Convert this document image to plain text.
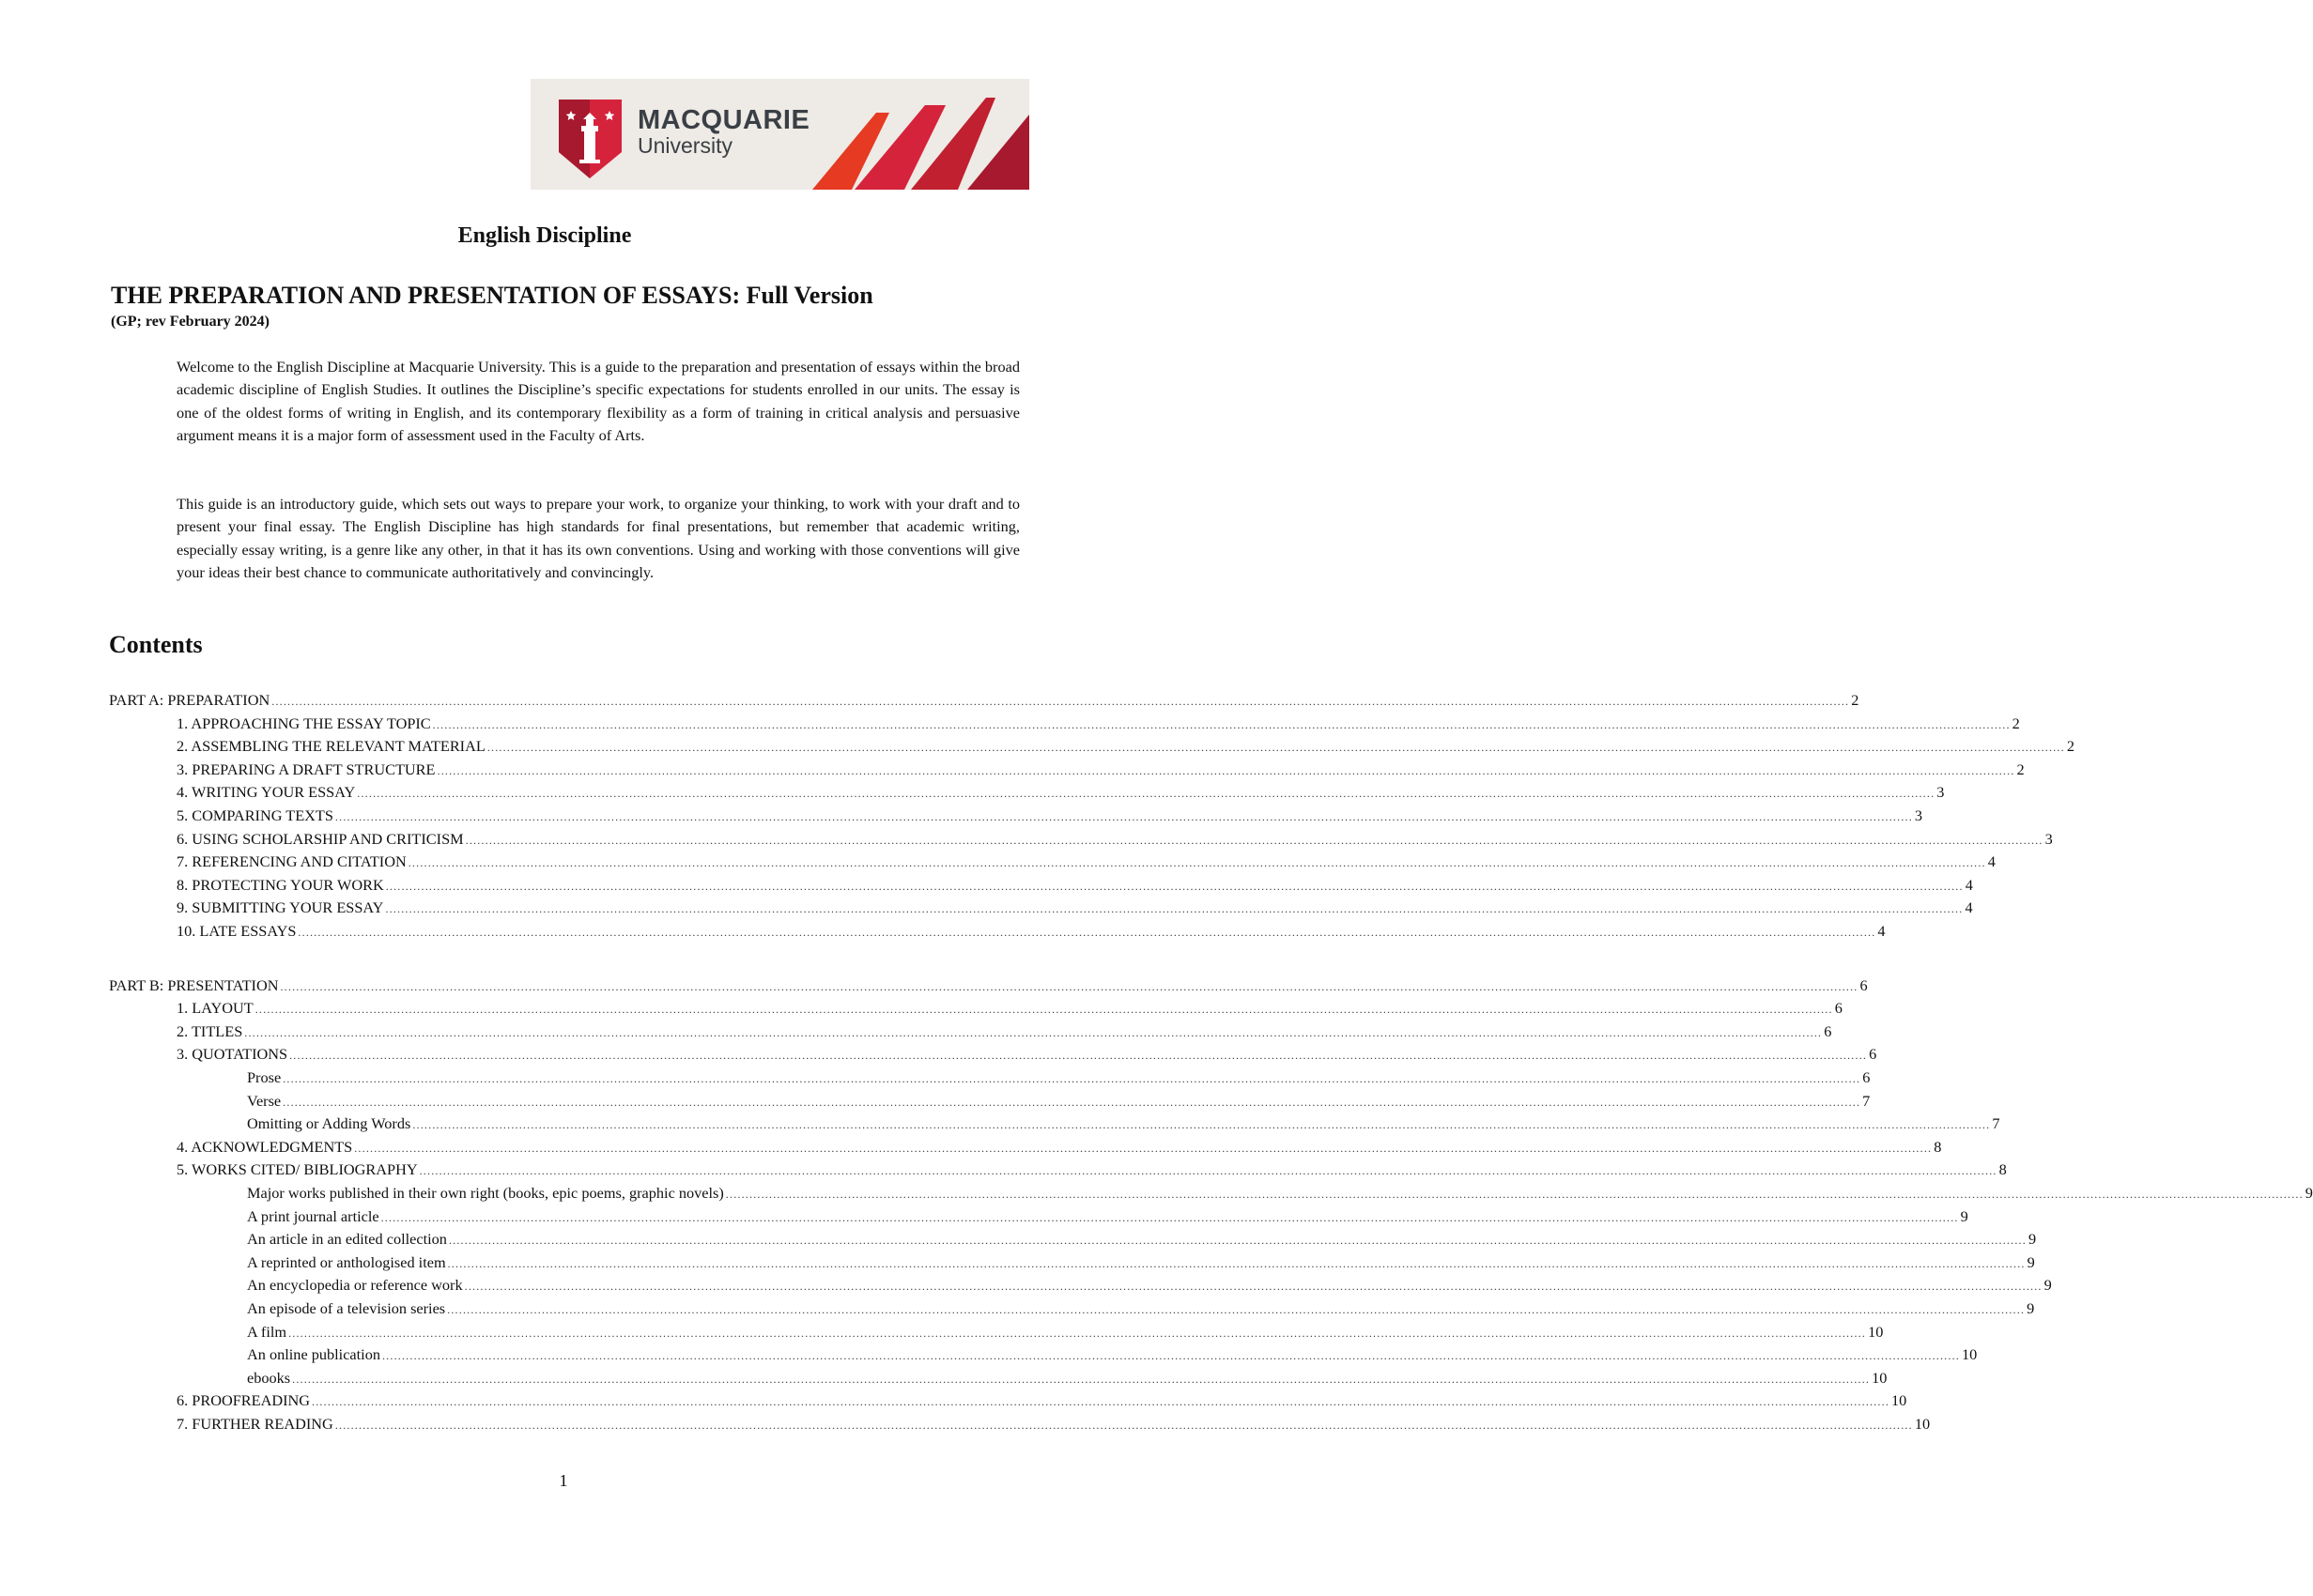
MACQUARIE
University
English Discipline
THE PREPARATION AND PRESENTATION OF ESSAYS: Full Version
(GP; rev February 2024)

Welcome to the English Discipline at Macquarie University. This is a guide to the preparation and presentation of essays within the broad academic discipline of English Studies. It outlines the Discipline’s specific expectations for students enrolled in our units. The essay is one of the oldest forms of writing in English, and its contemporary flexibility as a form of training in critical analysis and persuasive argument means it is a major form of assessment used in the Faculty of Arts.

This guide is an introductory guide, which sets out ways to prepare your work, to organize your thinking, to work with your draft and to present your final essay. The English Discipline has high standards for final presentations, but remember that academic writing, especially essay writing, is a genre like any other, in that it has its own conventions. Using and working with those conventions will give your ideas their best chance to communicate authoritatively and convincingly.

Contents
PART A: PREPARATION ................................................................................................................................................................................................................................................................................................................................................................................................................ 2
1. APPROACHING THE ESSAY TOPIC ................................................................................................................................................................................................................................................................................................................................................................................................................ 2
2. ASSEMBLING THE RELEVANT MATERIAL ................................................................................................................................................................................................................................................................................................................................................................................................................ 2
3. PREPARING A DRAFT STRUCTURE ................................................................................................................................................................................................................................................................................................................................................................................................................ 2
4. WRITING YOUR ESSAY ................................................................................................................................................................................................................................................................................................................................................................................................................ 3
5. COMPARING TEXTS ................................................................................................................................................................................................................................................................................................................................................................................................................ 3
6. USING SCHOLARSHIP AND CRITICISM ................................................................................................................................................................................................................................................................................................................................................................................................................ 3
7. REFERENCING AND CITATION ................................................................................................................................................................................................................................................................................................................................................................................................................ 4
8. PROTECTING YOUR WORK ................................................................................................................................................................................................................................................................................................................................................................................................................ 4
9. SUBMITTING YOUR ESSAY ................................................................................................................................................................................................................................................................................................................................................................................................................ 4
10. LATE ESSAYS ................................................................................................................................................................................................................................................................................................................................................................................................................ 4
PART B: PRESENTATION ................................................................................................................................................................................................................................................................................................................................................................................................................ 6
1. LAYOUT ................................................................................................................................................................................................................................................................................................................................................................................................................ 6
2. TITLES ................................................................................................................................................................................................................................................................................................................................................................................................................ 6
3. QUOTATIONS ................................................................................................................................................................................................................................................................................................................................................................................................................ 6
Prose ................................................................................................................................................................................................................................................................................................................................................................................................................ 6
Verse ................................................................................................................................................................................................................................................................................................................................................................................................................ 7
Omitting or Adding Words ................................................................................................................................................................................................................................................................................................................................................................................................................ 7
4. ACKNOWLEDGMENTS ................................................................................................................................................................................................................................................................................................................................................................................................................ 8
5. WORKS CITED/ BIBLIOGRAPHY ................................................................................................................................................................................................................................................................................................................................................................................................................ 8
Major works published in their own right (books, epic poems, graphic novels) ................................................................................................................................................................................................................................................................................................................................................................................................................ 9
A print journal article ................................................................................................................................................................................................................................................................................................................................................................................................................ 9
An article in an edited collection ................................................................................................................................................................................................................................................................................................................................................................................................................ 9
A reprinted or anthologised item ................................................................................................................................................................................................................................................................................................................................................................................................................ 9
An encyclopedia or reference work ................................................................................................................................................................................................................................................................................................................................................................................................................ 9
An episode of a television series ................................................................................................................................................................................................................................................................................................................................................................................................................ 9
A film ................................................................................................................................................................................................................................................................................................................................................................................................................ 10
An online publication ................................................................................................................................................................................................................................................................................................................................................................................................................ 10
ebooks ................................................................................................................................................................................................................................................................................................................................................................................................................ 10
6. PROOFREADING ................................................................................................................................................................................................................................................................................................................................................................................................................ 10
7. FURTHER READING ................................................................................................................................................................................................................................................................................................................................................................................................................ 10
1
